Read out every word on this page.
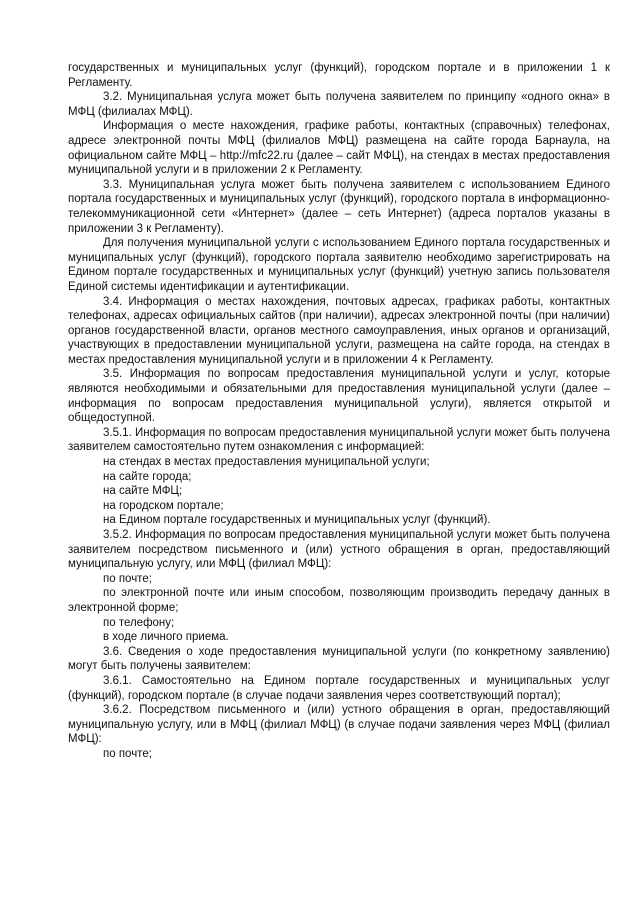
государственных и муниципальных услуг (функций), городском портале и в приложении 1 к Регламенту.

3.2. Муниципальная услуга может быть получена заявителем по принципу «одного окна» в МФЦ (филиалах МФЦ).

Информация о месте нахождения, графике работы, контактных (справочных) телефонах, адресе электронной почты МФЦ (филиалов МФЦ) размещена на сайте города Барнаула, на официальном сайте МФЦ – http://mfc22.ru (далее – сайт МФЦ), на стендах в местах предоставления муниципальной услуги и в приложении 2 к Регламенту.

3.3. Муниципальная услуга может быть получена заявителем с использованием Единого портала государственных и муниципальных услуг (функций), городского портала в информационно-телекоммуникационной сети «Интернет» (далее – сеть Интернет) (адреса порталов указаны в приложении 3 к Регламенту).

Для получения муниципальной услуги с использованием Единого портала государственных и муниципальных услуг (функций), городского портала заявителю необходимо зарегистрировать на Едином портале государственных и муниципальных услуг (функций) учетную запись пользователя Единой системы идентификации и аутентификации.

3.4. Информация о местах нахождения, почтовых адресах, графиках работы, контактных телефонах, адресах официальных сайтов (при наличии), адресах электронной почты (при наличии) органов государственной власти, органов местного самоуправления, иных органов и организаций, участвующих в предоставлении муниципальной услуги, размещена на сайте города, на стендах в местах предоставления муниципальной услуги и в приложении 4 к Регламенту.

3.5. Информация по вопросам предоставления муниципальной услуги и услуг, которые являются необходимыми и обязательными для предоставления муниципальной услуги (далее – информация по вопросам предоставления муниципальной услуги), является открытой и общедоступной.

3.5.1. Информация по вопросам предоставления муниципальной услуги может быть получена заявителем самостоятельно путем ознакомления с информацией:

на стендах в местах предоставления муниципальной услуги;

на сайте города;

на сайте МФЦ;

на городском портале;

на Едином портале государственных и муниципальных услуг (функций).

3.5.2. Информация по вопросам предоставления муниципальной услуги может быть получена заявителем посредством письменного и (или) устного обращения в орган, предоставляющий муниципальную услугу, или МФЦ (филиал МФЦ):

по почте;

по электронной почте или иным способом, позволяющим производить передачу данных в электронной форме;

по телефону;

в ходе личного приема.

3.6. Сведения о ходе предоставления муниципальной услуги (по конкретному заявлению) могут быть получены заявителем:

3.6.1. Самостоятельно на Едином портале государственных и муниципальных услуг (функций), городском портале (в случае подачи заявления через соответствующий портал);

3.6.2. Посредством письменного и (или) устного обращения в орган, предоставляющий муниципальную услугу, или в МФЦ (филиал МФЦ) (в случае подачи заявления через МФЦ (филиал МФЦ):

по почте;
